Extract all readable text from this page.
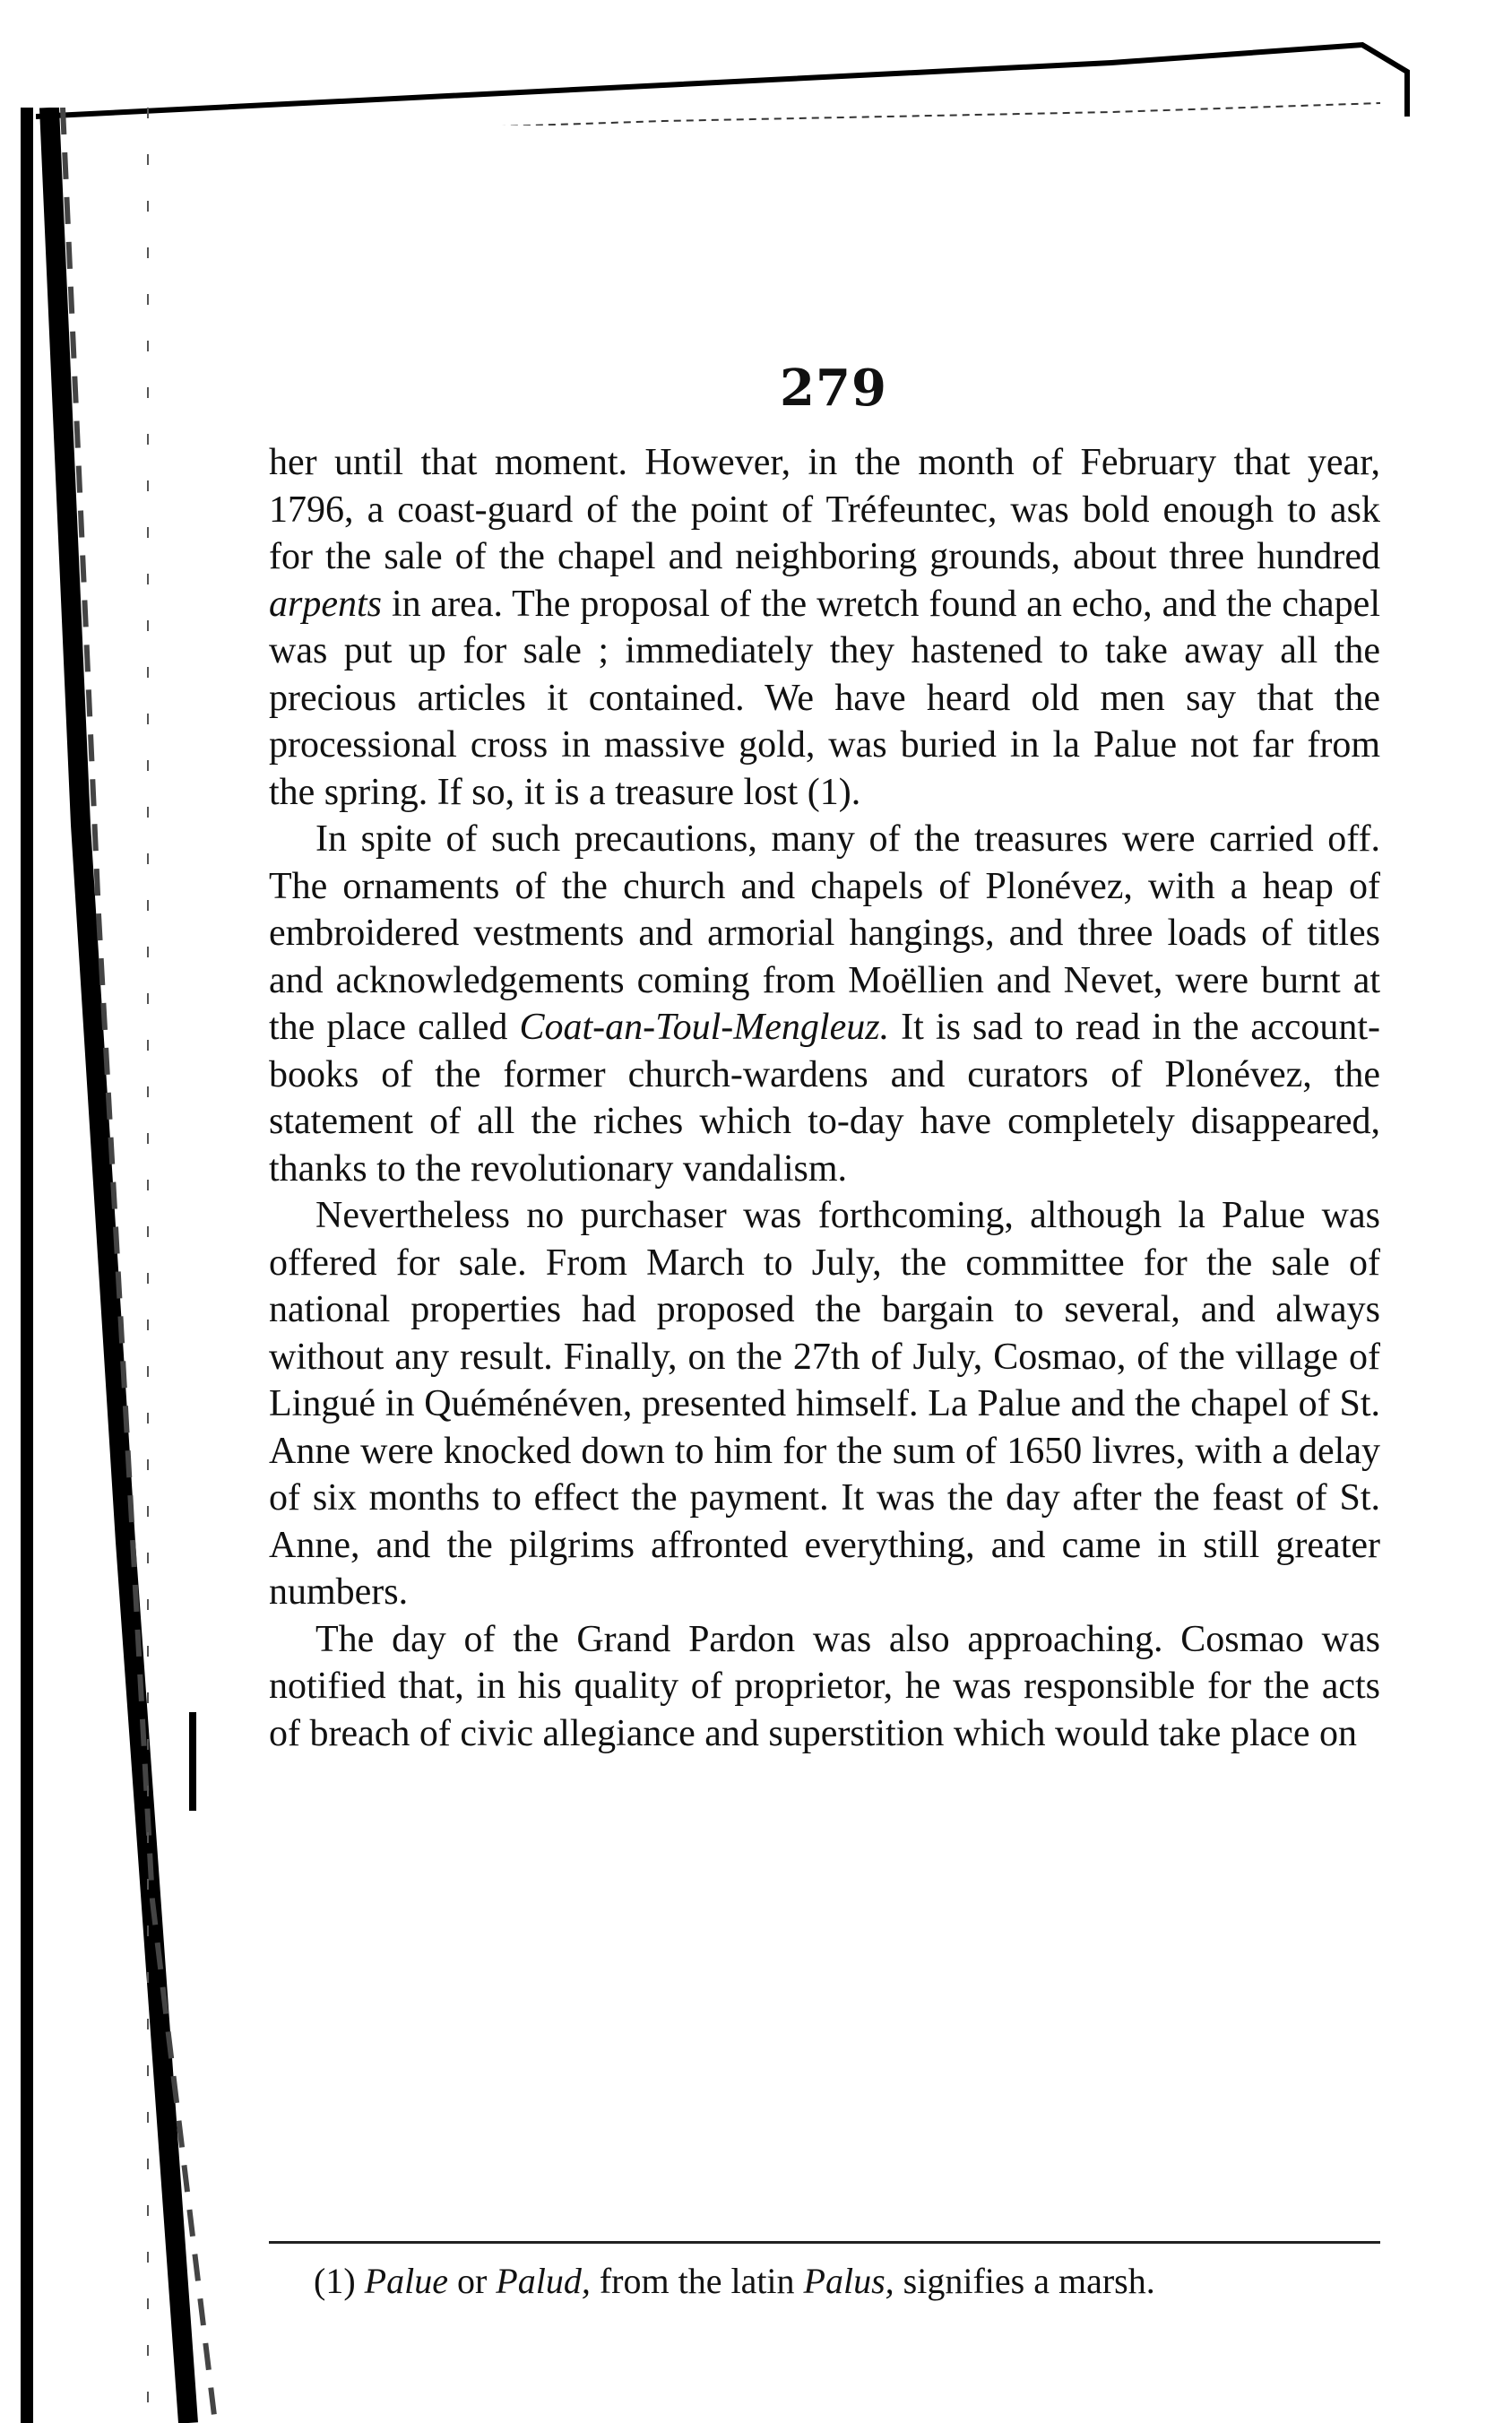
279

her until that moment. However, in the month of February that year, 1796, a coast-guard of the point of Tréfeuntec, was bold enough to ask for the sale of the chapel and neighboring grounds, about three hundred arpents in area. The proposal of the wretch found an echo, and the chapel was put up for sale ; immediately they hastened to take away all the precious articles it contained. We have heard old men say that the processional cross in massive gold, was buried in la Palue not far from the spring. If so, it is a treasure lost (1).

In spite of such precautions, many of the treasures were carried off. The ornaments of the church and chapels of Plonévez, with a heap of embroidered vestments and armorial hangings, and three loads of titles and acknowledgements coming from Moëllien and Nevet, were burnt at the place called Coat-an-Toul-Mengleuz. It is sad to read in the account-books of the former church-wardens and curators of Plonévez, the statement of all the riches which to-day have completely disappeared, thanks to the revolutionary vandalism.

Nevertheless no purchaser was forthcoming, although la Palue was offered for sale. From March to July, the committee for the sale of national properties had proposed the bargain to several, and always without any result. Finally, on the 27th of July, Cosmao, of the village of Lingué in Quéménéven, presented himself. La Palue and the chapel of St. Anne were knocked down to him for the sum of 1650 livres, with a delay of six months to effect the payment. It was the day after the feast of St. Anne, and the pilgrims affronted everything, and came in still greater numbers.

The day of the Grand Pardon was also approaching. Cosmao was notified that, in his quality of proprietor, he was responsible for the acts of breach of civic allegiance and superstition which would take place on

(1) Palue or Palud, from the latin Palus, signifies a marsh.
